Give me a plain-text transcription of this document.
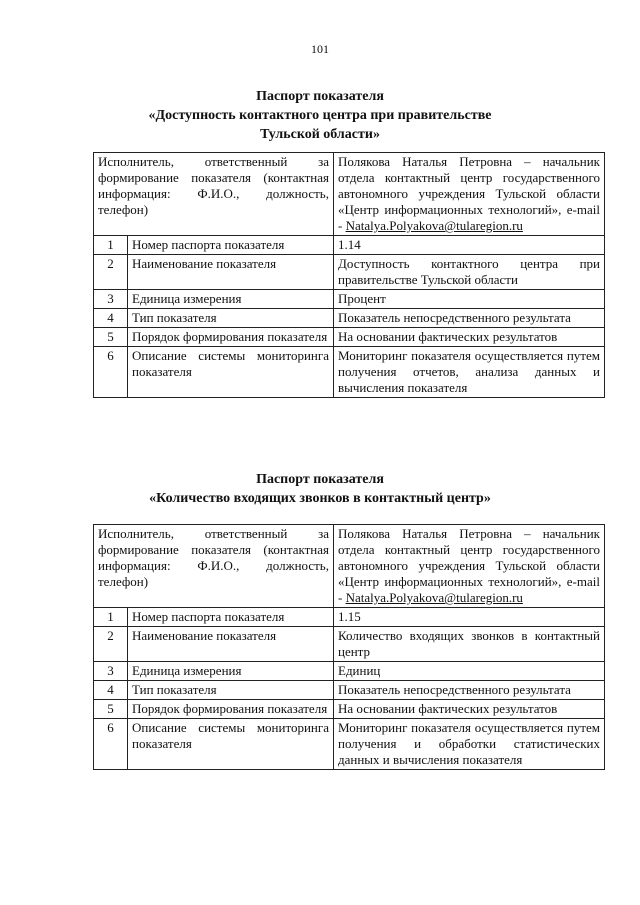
101
Паспорт показателя
«Доступность контактного центра при правительстве
Тульской области»
Исполнитель, ответственный за формирование показателя (контактная информация: Ф.И.О., должность, телефон)		Полякова Наталья Петровна – начальник отдела контактный центр государственного автономного учреждения Тульской области «Центр информационных технологий», e-mail - Natalya.Polyakova@tularegion.ru
1	Номер паспорта показателя	1.14
2	Наименование показателя	Доступность контактного центра при правительстве Тульской области
3	Единица измерения	Процент
4	Тип показателя	Показатель непосредственного результата
5	Порядок формирования показателя	На основании фактических результатов
6	Описание системы мониторинга показателя	Мониторинг показателя осуществляется путем получения отчетов, анализа данных и вычисления показателя
Паспорт показателя
«Количество входящих звонков в контактный центр»
Исполнитель, ответственный за формирование показателя (контактная информация: Ф.И.О., должность, телефон)		Полякова Наталья Петровна – начальник отдела контактный центр государственного автономного учреждения Тульской области «Центр информационных технологий», e-mail - Natalya.Polyakova@tularegion.ru
1	Номер паспорта показателя	1.15
2	Наименование показателя	Количество входящих звонков в контактный центр
3	Единица измерения	Единиц
4	Тип показателя	Показатель непосредственного результата
5	Порядок формирования показателя	На основании фактических результатов
6	Описание системы мониторинга показателя	Мониторинг показателя осуществляется путем получения и обработки статистических данных и вычисления показателя
